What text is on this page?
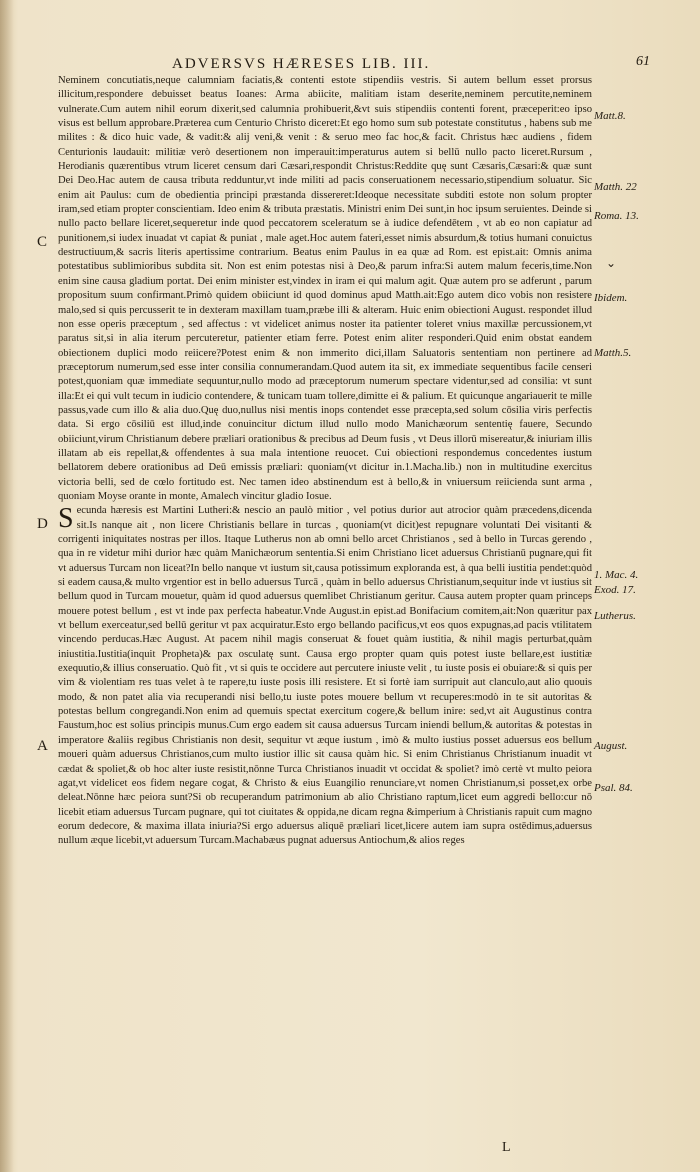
ADVERSVS HÆRESES LIB. III.	61

Neminem concutiatis,neque calumniam faciatis,& contenti estote stipendiis vestris. Si autem bellum esset prorsus illicitum,respondere debuisset beatus Ioanes: Arma abiicite, malitiam istam deserite,neminem percutite,neminem vulnerate.Cum autem nihil eorum dixerit,sed calumnia prohibuerit,&vt suis stipendiis contenti forent, præceperit:eo ipso visus est bellum approbare.Præterea cum Centurio Christo diceret:Et ego homo sum sub potestate constitutus , habens sub me milites : & dico huic vade, & vadit:& alij veni,& venit : & seruo meo fac hoc,& facit. Christus hæc audiens , fidem Centurionis laudauit: militiæ verò desertionem non imperauit:imperaturus autem si bellū nullo pacto liceret.Rursum , Herodianis quærentibus vtrum liceret censum dari Cæsari,respondit Christus:Reddite quę sunt Cæsaris,Cæsari:& quæ sunt Dei Deo.Hac autem de causa tributa redduntur,vt inde militi ad pacis conseruationem necessario,stipendium soluatur. Sic enim ait Paulus: cum de obedientia principi præstanda dissereret:Ideoque necessitate subditi estote non solum propter iram,sed etiam propter conscientiam. Ideo enim & tributa præstatis. Ministri enim Dei sunt,in hoc ipsum seruientes. Deinde si nullo pacto bellare liceret,sequeretur inde quod peccatorem sceleratum se à iudice defendētem , vt ab eo non capiatur ad punitionem,si iudex inuadat vt capiat & puniat , male aget.Hoc autem fateri,esset nimis absurdum,& totius humani conuictus destructiuum,& sacris literis apertissime contrarium. Beatus enim Paulus in ea quæ ad Rom. est epist.ait: Omnis anima potestatibus sublimioribus subdita sit. Non est enim potestas nisi à Deo,& parum infra:Si autem malum feceris,time.Non enim sine causa gladium portat. Dei enim minister est,vindex in iram ei qui malum agit. Quæ autem pro se adferunt , parum propositum suum confirmant.Primò quidem obiiciunt id quod dominus apud Matth.ait:Ego autem dico vobis non resistere malo,sed si quis percusserit te in dexteram maxillam tuam,præbe illi & alteram. Huic enim obiectioni August. respondet illud non esse operis præceptum , sed affectus : vt videlicet animus noster ita patienter toleret vnius maxillæ percussionem,vt paratus sit,si in alia iterum percuteretur, patienter etiam ferre. Potest enim aliter responderi.Quid enim obstat eandem obiectionem duplici modo reiicere?Potest enim & non immerito dici,illam Saluatoris sententiam non pertinere ad præceptorum numerum,sed esse inter consilia connumerandam.Quod autem ita sit, ex immediate sequentibus facile censeri potest,quoniam quæ immediate sequuntur,nullo modo ad præceptorum numerum spectare videntur,sed ad consilia: vt sunt illa:Et ei qui vult tecum in iudicio contendere, & tunicam tuam tollere,dimitte ei & palium. Et quicunque angariauerit te mille passus,vade cum illo & alia duo.Quę duo,nullus nisi mentis inops contendet esse præcepta,sed solum cōsilia viris perfectis data. Si ergo cōsiliū est illud,inde conuincitur dictum illud nullo modo Manichæorum sententię fauere, Secundo obiiciunt,virum Christianum debere præliari orationibus & precibus ad Deum fusis , vt Deus illorū misereatur,& iniuriam illis illatam ab eis repellat,& offendentes à sua mala intentione reuocet. Cui obiectioni respondemus concedentes iustum bellatorem debere orationibus ad Deū emissis præliari: quoniam(vt dicitur in.1.Macha.lib.) non in multitudine exercitus victoria belli, sed de cœlo fortitudo est. Nec tamen ideo abstinendum est à bello,& in vniuersum reiicienda sunt arma , quoniam Moyse orante in monte, Amalech vincitur gladio Iosue.

Secunda hæresis est Martini Lutheri:& nescio an paulò mitior , vel potius durior aut atrocior quàm præcedens,dicenda sit.Is nanque ait , non licere Christianis bellare in turcas , quoniam(vt dicit)est repugnare voluntati Dei visitanti & corrigenti iniquitates nostras per illos. Itaque Lutherus non ab omni bello arcet Christianos , sed à bello in Turcas gerendo , qua in re videtur mihi durior hæc quàm Manichæorum sententia.Si enim Christiano licet aduersus Christianū pugnare,qui fit vt aduersus Turcam non liceat?In bello nanque vt iustum sit,causa potissimum exploranda est, à qua belli iustitia pendet:quòd si eadem causa,& multo vrgentior est in bello aduersus Turcā , quàm in bello aduersus Christianum,sequitur inde vt iustius sit bellum quod in Turcam mouetur, quàm id quod aduersus quemlibet Christianum geritur. Causa autem propter quam princeps mouere potest bellum , est vt inde pax perfecta habeatur.Vnde August.in epist.ad Bonifacium comitem,ait:Non quæritur pax vt bellum exerceatur,sed bellū geritur vt pax acquiratur.Esto ergo bellando pacificus,vt eos quos expugnas,ad pacis vtilitatem vincendo perducas.Hæc August. At pacem nihil magis conseruat & fouet quàm iustitia, & nihil magis perturbat,quàm iniustitia.Iustitia(inquit Propheta)& pax osculatę sunt. Causa ergo propter quam quis potest iuste bellare,est iustitiæ exequutio,& illius conseruatio. Quò fit , vt si quis te occidere aut percutere iniuste velit , tu iuste posis ei obuiare:& si quis per vim & violentiam res tuas velet à te rapere,tu iuste posis illi resistere. Et si fortè iam surripuit aut clanculo,aut alio quouis modo, & non patet alia via recuperandi nisi bello,tu iuste potes mouere bellum vt recuperes:modò in te sit autoritas & potestas bellum congregandi.Non enim ad quemuis spectat exercitum cogere,& bellum inire: sed,vt ait Augustinus contra Faustum,hoc est solius principis munus.Cum ergo eadem sit causa aduersus Turcam iniendi bellum,& autoritas & potestas in imperatore &aliis regibus Christianis non desit, sequitur vt æque iustum , imò & multo iustius posset aduersus eos bellum moueri quàm aduersus Christianos,cum multo iustior illic sit causa quàm hic. Si enim Christianus Christianum inuadit vt cædat & spoliet,& ob hoc alter iuste resistit,nōnne Turca Christianos inuadit vt occidat & spoliet? imò certè vt multo peiora agat,vt videlicet eos fidem negare cogat, & Christo & eius Euangilio renunciare,vt nomen Christianum,si posset,ex orbe deleat.Nōnne hæc peiora sunt?Si ob recuperandum patrimonium ab alio Christiano raptum,licet eum aggredi bello:cur nō licebit etiam aduersus Turcam pugnare, qui tot ciuitates & oppida,ne dicam regna &imperium à Christianis rapuit cum magno eorum dedecore, & maxima illata iniuria?Si ergo aduersus aliquē præliari licet,licere autem iam supra ostēdimus,aduersus nullum æque licebit,vt aduersum Turcam.Machabæus pugnat aduersus Antiochum,& alios reges

C
D
A
Matt.8.
Matth. 22
Roma. 13.
⌄
Ibidem.
Matth.5.
1. Mac. 4.
Exod. 17.
Lutherus.
August.
Psal. 84.
L
